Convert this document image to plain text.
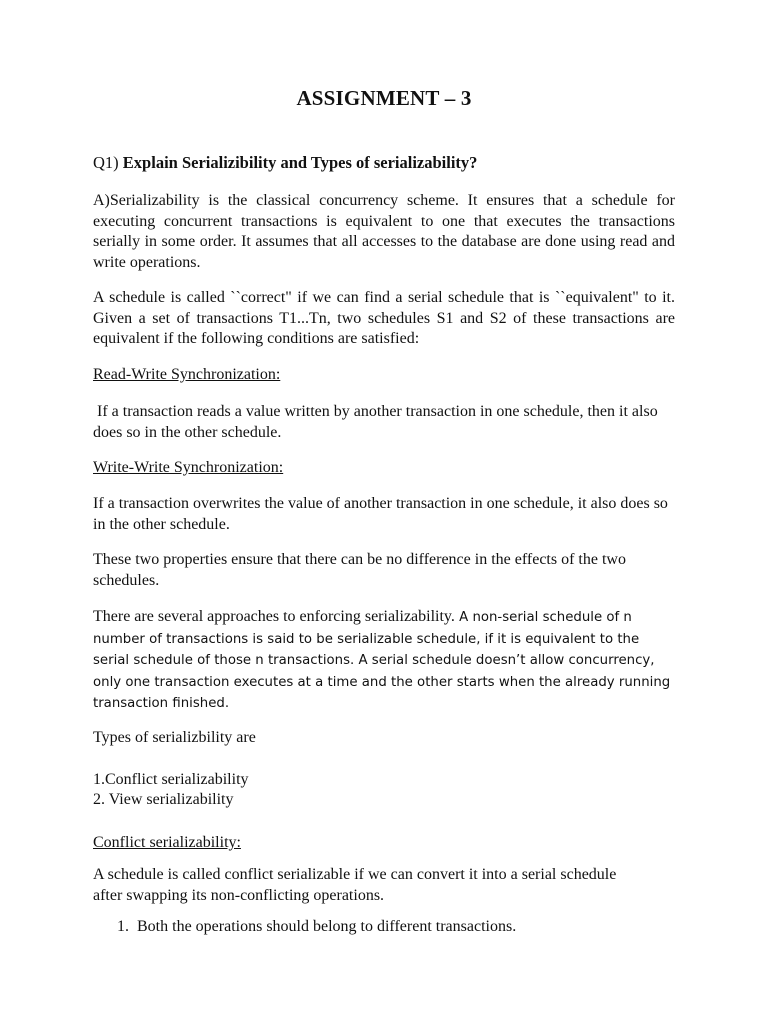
ASSIGNMENT – 3

Q1) Explain Serializibility and Types of serializability?

A)Serializability is the classical concurrency scheme. It ensures that a schedule for executing concurrent transactions is equivalent to one that executes the transactions serially in some order. It assumes that all accesses to the database are done using read and write operations.

A schedule is called ``correct" if we can find a serial schedule that is ``equivalent" to it. Given a set of transactions T1...Tn, two schedules S1 and S2 of these transactions are equivalent if the following conditions are satisfied:

Read-Write Synchronization:

If a transaction reads a value written by another transaction in one schedule, then it also does so in the other schedule.

Write-Write Synchronization:

If a transaction overwrites the value of another transaction in one schedule, it also does so in the other schedule.

These two properties ensure that there can be no difference in the effects of the two schedules.

There are several approaches to enforcing serializability. A non-serial schedule of n number of transactions is said to be serializable schedule, if it is equivalent to the serial schedule of those n transactions. A serial schedule doesn’t allow concurrency, only one transaction executes at a time and the other starts when the already running transaction finished.

Types of serializbility are

1.Conflict serializability

2. View serializability

Conflict serializability:

A schedule is called conflict serializable if we can convert it into a serial schedule after swapping its non-conflicting operations.

1. Both the operations should belong to different transactions.
